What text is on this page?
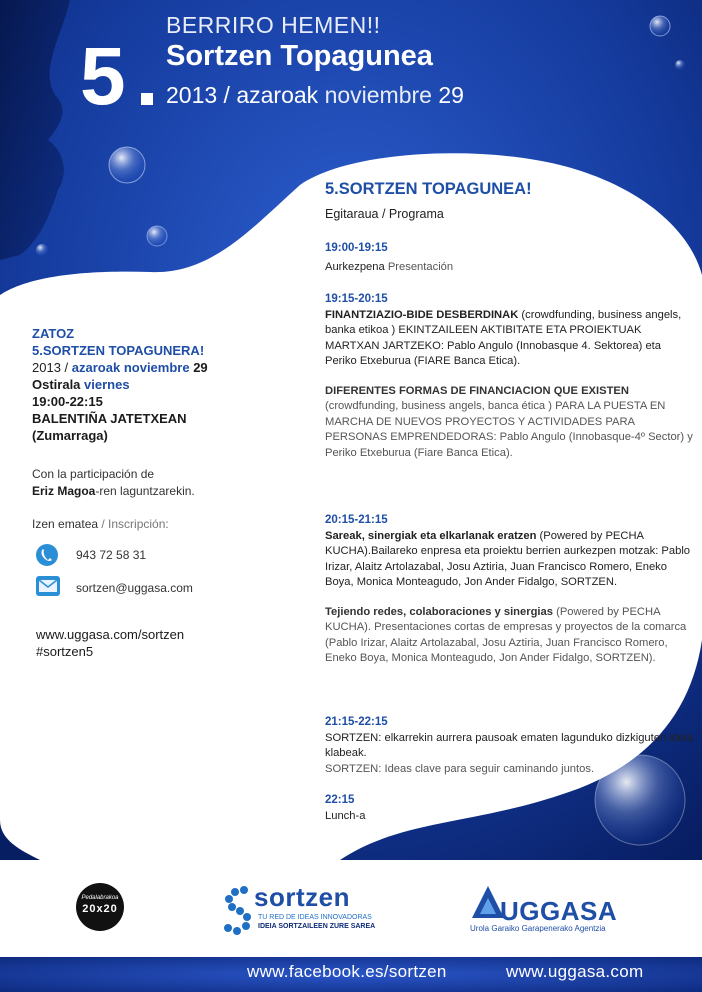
5
BERRIRO HEMEN!!
Sortzen Topagunea
2013 / azaroak noviembre 29
5.SORTZEN TOPAGUNEA!
Egitaraua / Programa
19:00-19:15
Aurkezpena Presentación
19:15-20:15
FINANTZIAZIO-BIDE DESBERDINAK (crowdfunding, business angels, banka etikoa ) EKINTZAILEEN AKTIBITATE ETA PROIEKTUAK MARTXAN JARTZEKO: Pablo Angulo (Innobasque 4. Sektorea) eta Periko Etxeburua (FIARE Banca Etica).
DIFERENTES FORMAS DE FINANCIACION QUE EXISTEN (crowdfunding, business angels, banca ética ) PARA LA PUESTA EN MARCHA DE NUEVOS PROYECTOS Y ACTIVIDADES PARA PERSONAS EMPRENDEDORAS: Pablo Angulo (Innobasque-4º Sector) y Periko Etxeburua (Fiare Banca Etica).
20:15-21:15
Sareak, sinergiak eta elkarlanak eratzen (Powered by PECHA KUCHA).Bailareko enpresa eta proiektu berrien aurkezpen motzak: Pablo Irizar, Alaitz Artolazabal, Josu Aztiria, Juan Francisco Romero, Eneko Boya, Monica Monteagudo, Jon Ander Fidalgo, SORTZEN.
Tejiendo redes, colaboraciones y sinergias (Powered by PECHA KUCHA). Presentaciones cortas de empresas y proyectos de la comarca (Pablo Irizar, Alaitz Artolazabal, Josu Aztiria, Juan Francisco Romero, Eneko Boya, Monica Monteagudo, Jon Ander Fidalgo, SORTZEN).
21:15-22:15
SORTZEN: elkarrekin aurrera pausoak ematen lagunduko dizkiguten ideia klabeak.
SORTZEN: Ideas clave para seguir caminando juntos.
22:15
Lunch-a
ZATOZ
5.SORTZEN TOPAGUNERA!
2013 / azaroak noviembre 29
Ostirala viernes
19:00-22:15
BALENTIÑA JATETXEAN
(Zumarraga)
Con la participación de
Eriz Magoa-ren laguntzarekin.
Izen ematea / Inscripción:
943 72 58 31
sortzen@uggasa.com
www.uggasa.com/sortzen
#sortzen5
Pedalabrakoa
20x20	sortzen
TU RED DE IDEAS INNOVADORAS
IDEIA SORTZAILEEN ZURE SAREA
UGGASA
Urola Garaiko Garapenerako Agentzia
www.facebook.es/sortzen	www.uggasa.com
